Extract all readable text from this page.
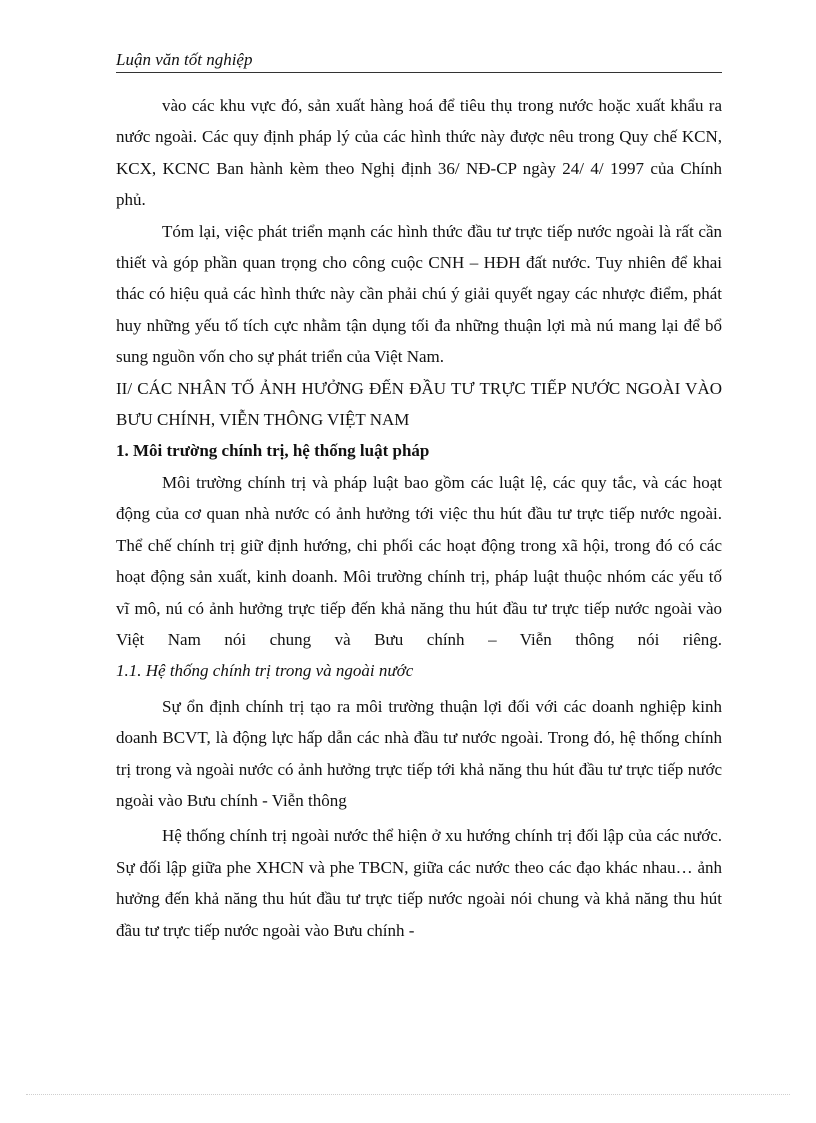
Luận văn tốt nghiệp

vào các khu vực đó, sản xuất hàng hoá để tiêu thụ trong nước hoặc xuất khẩu ra nước ngoài. Các quy định pháp lý của các hình thức này được nêu trong Quy chế KCN, KCX, KCNC Ban hành kèm theo Nghị định 36/ NĐ-CP ngày 24/ 4/ 1997 của Chính phủ.

Tóm lại, việc phát triển mạnh các hình thức đầu tư trực tiếp nước ngoài là rất cần thiết và góp phần quan trọng cho công cuộc CNH – HĐH đất nước. Tuy nhiên để khai thác có hiệu quả các hình thức này cần phải chú ý giải quyết ngay các nhược điểm, phát huy những yếu tố tích cực nhằm tận dụng tối đa những thuận lợi mà nú mang lại để bổ sung nguồn vốn cho sự phát triển của Việt Nam.

II/ CÁC NHÂN TỐ ẢNH HƯỞNG ĐẾN ĐẦU TƯ TRỰC TIẾP NƯỚC NGOÀI VÀO BƯU CHÍNH, VIỄN THÔNG VIỆT NAM

1. Môi trường chính trị, hệ thống luật pháp

Môi trường chính trị và pháp luật bao gồm các luật lệ, các quy tắc, và các hoạt động của cơ quan nhà nước có ảnh hưởng tới việc thu hút đầu tư trực tiếp nước ngoài. Thể chế chính trị giữ định hướng, chi phối các hoạt động trong xã hội, trong đó có các hoạt động sản xuất, kinh doanh. Môi trường chính trị, pháp luật thuộc nhóm các yếu tố vĩ mô, nú có ảnh hưởng trực tiếp đến khả năng thu hút đầu tư trực tiếp nước ngoài vào Việt Nam nói chung và Bưu chính – Viễn thông nói riêng.

1.1. Hệ thống chính trị trong và ngoài nước

Sự ổn định chính trị tạo ra môi trường thuận lợi đối với các doanh nghiệp kinh doanh BCVT, là động lực hấp dẫn các nhà đầu tư nước ngoài. Trong đó, hệ thống chính trị trong và ngoài nước có ảnh hưởng trực tiếp tới khả năng thu hút đầu tư trực tiếp nước ngoài vào Bưu chính - Viễn thông

Hệ thống chính trị ngoài nước thể hiện ở xu hướng chính trị đối lập của các nước. Sự đối lập giữa phe XHCN và phe TBCN, giữa các nước theo các đạo khác nhau… ảnh hưởng đến khả năng thu hút đầu tư trực tiếp nước ngoài nói chung và khả năng thu hút đầu tư trực tiếp nước ngoài vào Bưu chính -
